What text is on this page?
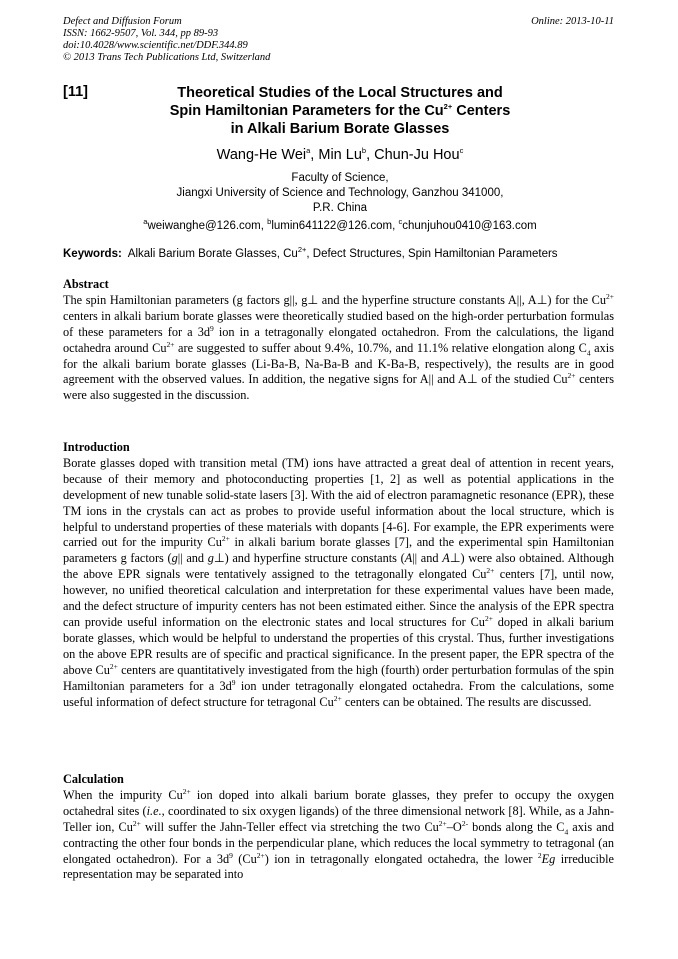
Defect and Diffusion Forum
ISSN: 1662-9507, Vol. 344, pp 89-93
doi:10.4028/www.scientific.net/DDF.344.89
© 2013 Trans Tech Publications Ltd, Switzerland
Online: 2013-10-11
[11]	Theoretical Studies of the Local Structures and
Spin Hamiltonian Parameters for the $Cu^{2+}$ Centers
in Alkali Barium Borate Glasses
Wang-He Wei$^a$, Min Lu$^b$, Chun-Ju Hou$^c$
Faculty of Science,
Jiangxi University of Science and Technology, Ganzhou 341000,
P.R. China
$^a$weiwanghe@126.com, $^b$lumin641122@126.com, $^c$chunjuhou0410@163.com
Keywords: Alkali Barium Borate Glasses, $Cu^{2+}$, Defect Structures, Spin Hamiltonian Parameters
Abstract

The spin Hamiltonian parameters (g factors g||, g⊥ and the hyperfine structure constants A||, A⊥) for the $Cu^{2+}$ centers in alkali barium borate glasses were theoretically studied based on the high-order perturbation formulas of these parameters for a $3d^9$ ion in a tetragonally elongated octahedron. From the calculations, the ligand octahedra around $Cu^{2+}$ are suggested to suffer about 9.4%, 10.7%, and 11.1% relative elongation along $C_4$ axis for the alkali barium borate glasses (Li-Ba-B, Na-Ba-B and K-Ba-B, respectively), the results are in good agreement with the observed values. In addition, the negative signs for A|| and A⊥ of the studied $Cu^{2+}$ centers were also suggested in the discussion.

Introduction

Borate glasses doped with transition metal (TM) ions have attracted a great deal of attention in recent years, because of their memory and photoconducting properties [1, 2] as well as potential applications in the development of new tunable solid-state lasers [3]. With the aid of electron paramagnetic resonance (EPR), these TM ions in the crystals can act as probes to provide useful information about the local structure, which is helpful to understand properties of these materials with dopants [4-6]. For example, the EPR experiments were carried out for the impurity $Cu^{2+}$ in alkali barium borate glasses [7], and the experimental spin Hamiltonian parameters g factors (g|| and g⊥) and hyperfine structure constants (A|| and A⊥) were also obtained. Although the above EPR signals were tentatively assigned to the tetragonally elongated $Cu^{2+}$ centers [7], until now, however, no unified theoretical calculation and interpretation for these experimental values have been made, and the defect structure of impurity centers has not been estimated either. Since the analysis of the EPR spectra can provide useful information on the electronic states and local structures for $Cu^{2+}$ doped in alkali barium borate glasses, which would be helpful to understand the properties of this crystal. Thus, further investigations on the above EPR results are of specific and practical significance. In the present paper, the EPR spectra of the above $Cu^{2+}$ centers are quantitatively investigated from the high (fourth) order perturbation formulas of the spin Hamiltonian parameters for a $3d^9$ ion under tetragonally elongated octahedra. From the calculations, some useful information of defect structure for tetragonal $Cu^{2+}$ centers can be obtained. The results are discussed.

Calculation

When the impurity $Cu^{2+}$ ion doped into alkali barium borate glasses, they prefer to occupy the oxygen octahedral sites (i.e., coordinated to six oxygen ligands) of the three dimensional network [8]. While, as a Jahn-Teller ion, $Cu^{2+}$ will suffer the Jahn-Teller effect via stretching the two $Cu^{2+}-O^{2-}$ bonds along the $C_4$ axis and contracting the other four bonds in the perpendicular plane, which reduces the local symmetry to tetragonal (an elongated octahedron). For a $3d^9$ $(Cu^{2+})$ ion in tetragonally elongated octahedra, the lower $^2$Eg irreducible representation may be separated into
